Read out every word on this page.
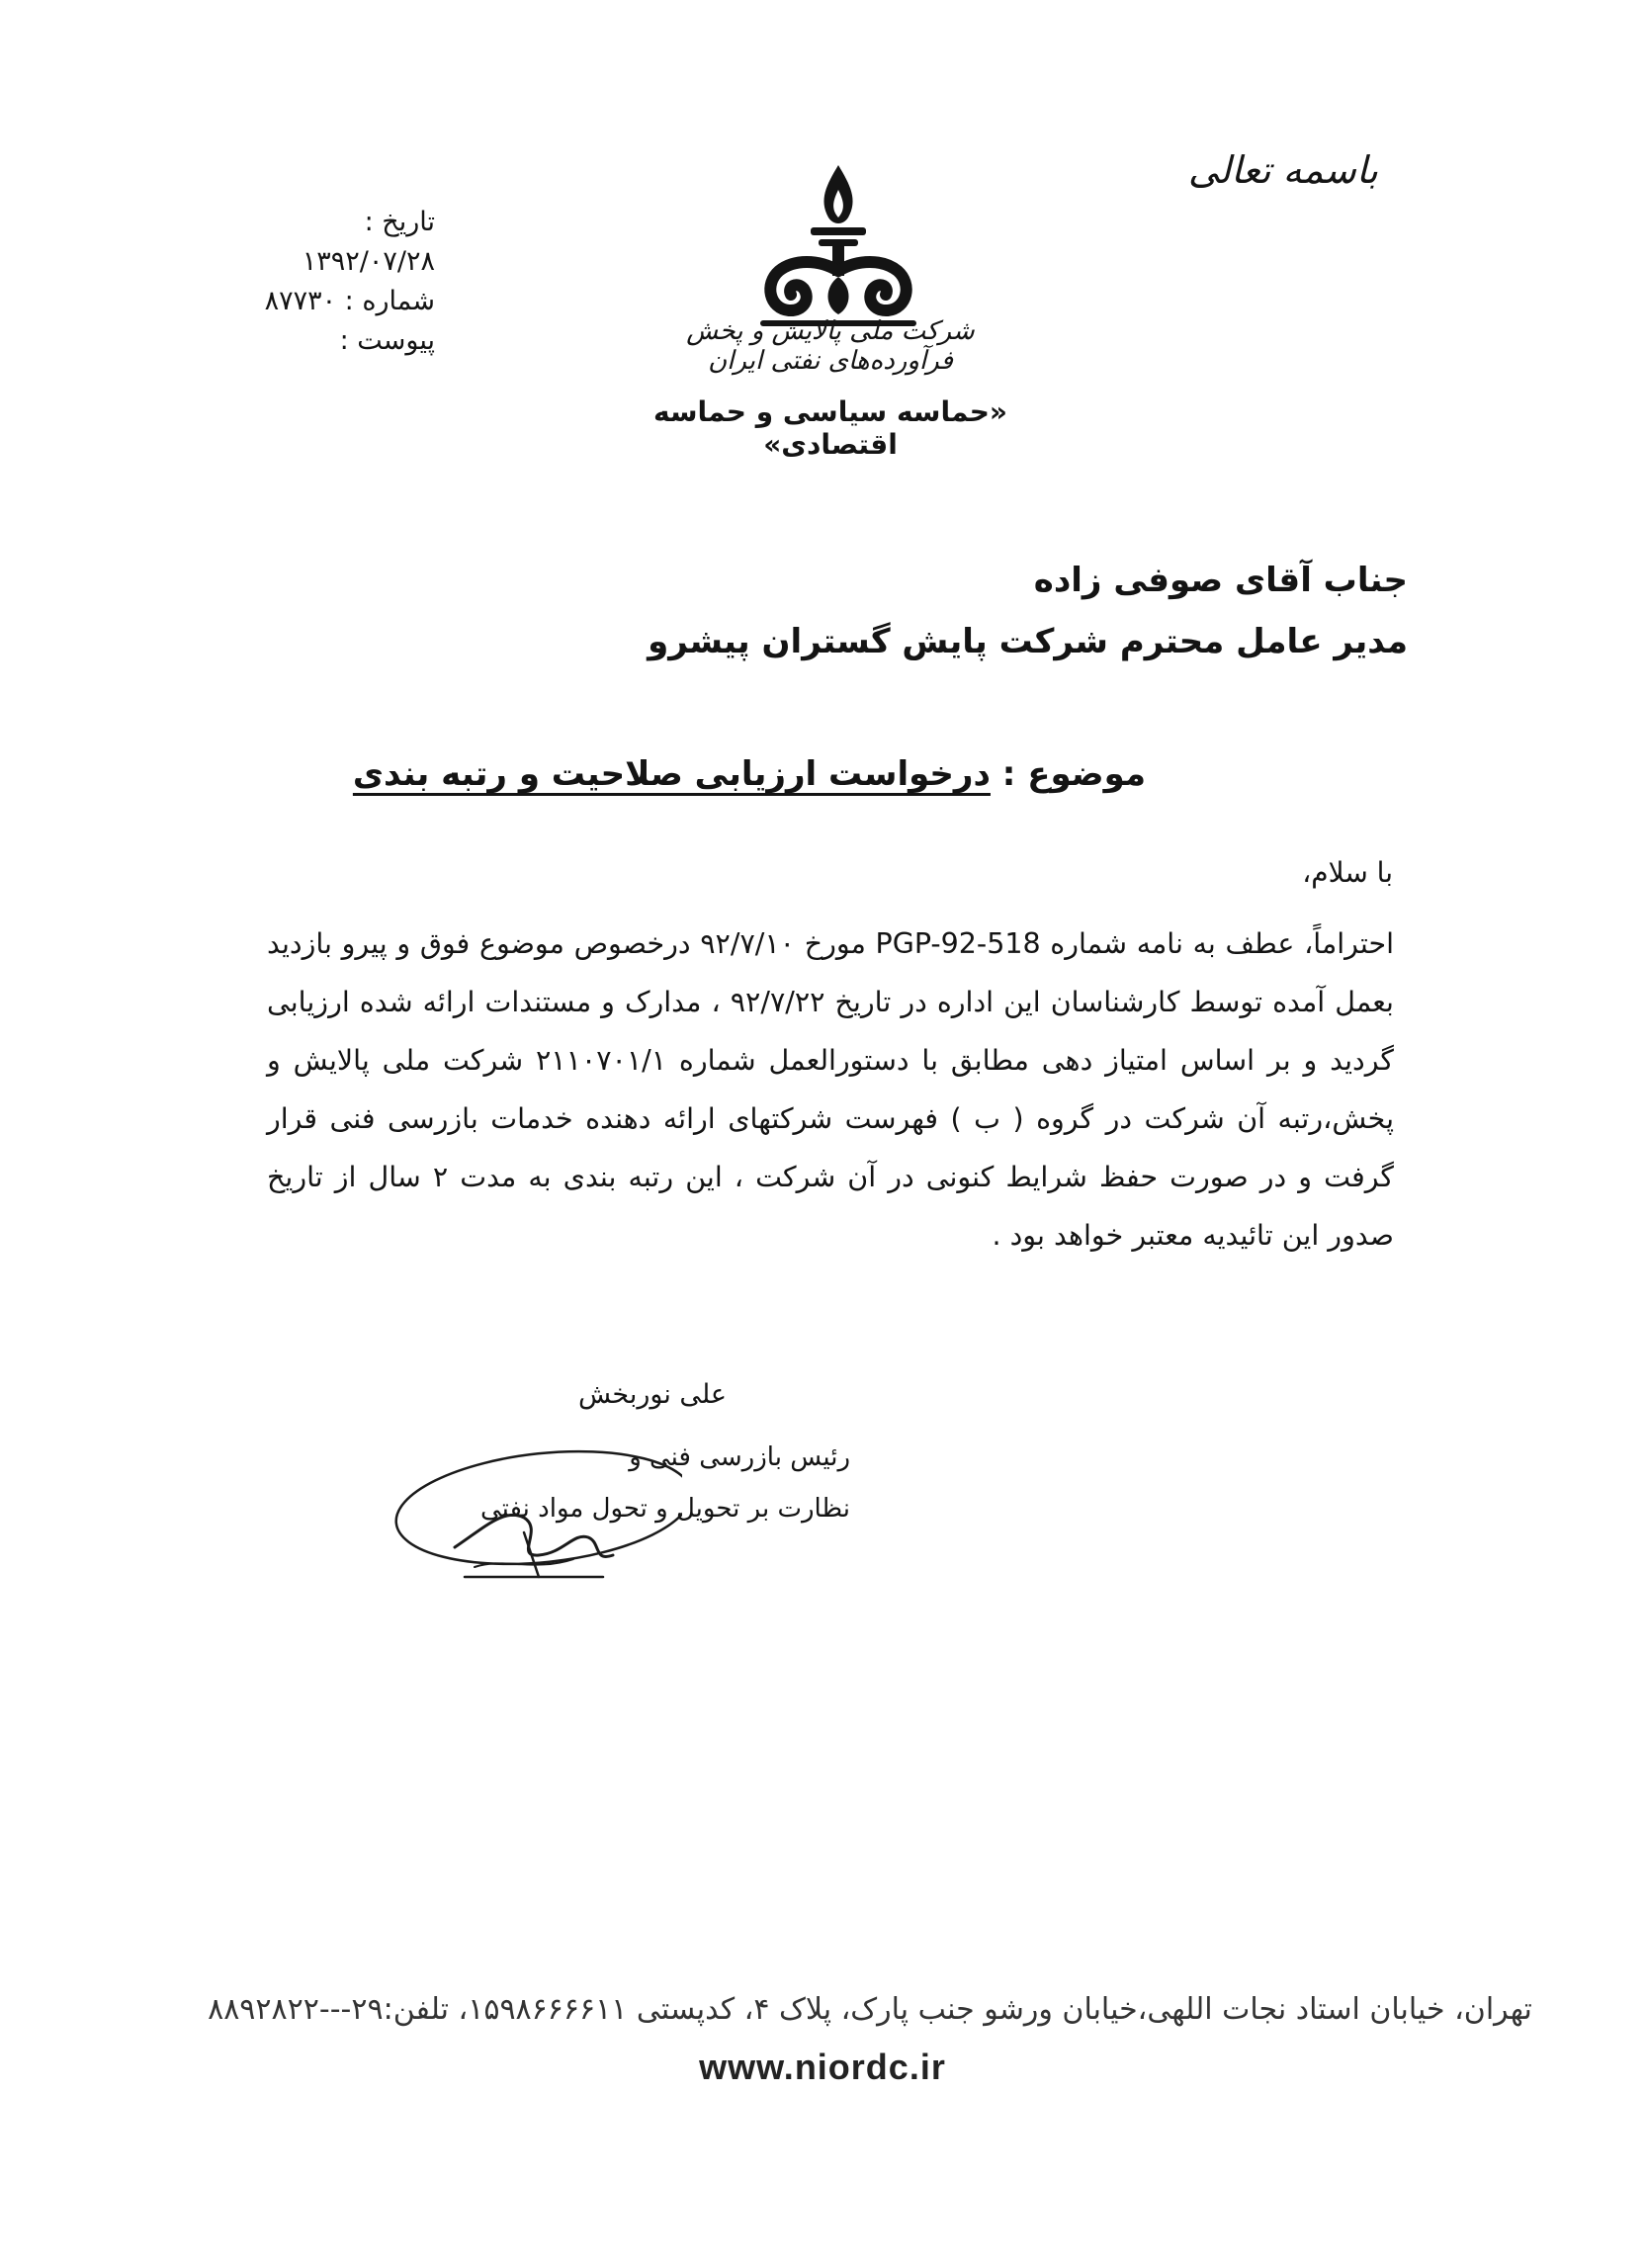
باسمه تعالی
تاریخ :
۱۳۹۲/۰۷/۲۸
شماره : ۸۷۷۳۰
پیوست :	شرکت ملی پالایش و پخش فرآورده‌های نفتی ایران
«حماسه سیاسی و حماسه اقتصادی»
جناب آقای صوفی زاده
مدیر عامل محترم شرکت پایش گستران پیشرو
موضوع : درخواست ارزیابی صلاحیت و رتبه بندی
با سلام،
احتراماً، عطف به نامه شماره PGP-92-518 مورخ ۹۲/۷/۱۰ درخصوص موضوع فوق و پیرو بازدید بعمل آمده توسط کارشناسان این اداره در تاریخ ۹۲/۷/۲۲ ، مدارک و مستندات ارائه شده ارزیابی گردید و بر اساس امتیاز دهی مطابق با دستورالعمل شماره ۲۱۱۰۷۰۱/۱ شرکت ملی پالایش و پخش،رتبه آن شرکت در گروه ( ب ) فهرست شرکتهای ارائه دهنده خدمات بازرسی فنی قرار گرفت و در صورت حفظ شرایط کنونی در آن شرکت ، این رتبه بندی به مدت ۲ سال از تاریخ صدور این تائیدیه معتبر خواهد بود .
علی نوربخش
رئیس بازرسی فنی و
نظارت بر تحویل و تحول مواد نفتی
تهران، خیابان استاد نجات اللهی،خیابان ورشو جنب پارک، پلاک ۴، کدپستی ۱۵۹۸۶۶۶۶۱۱، تلفن:۲۹---۸۸۹۲۸۲۲
www.niordc.ir
